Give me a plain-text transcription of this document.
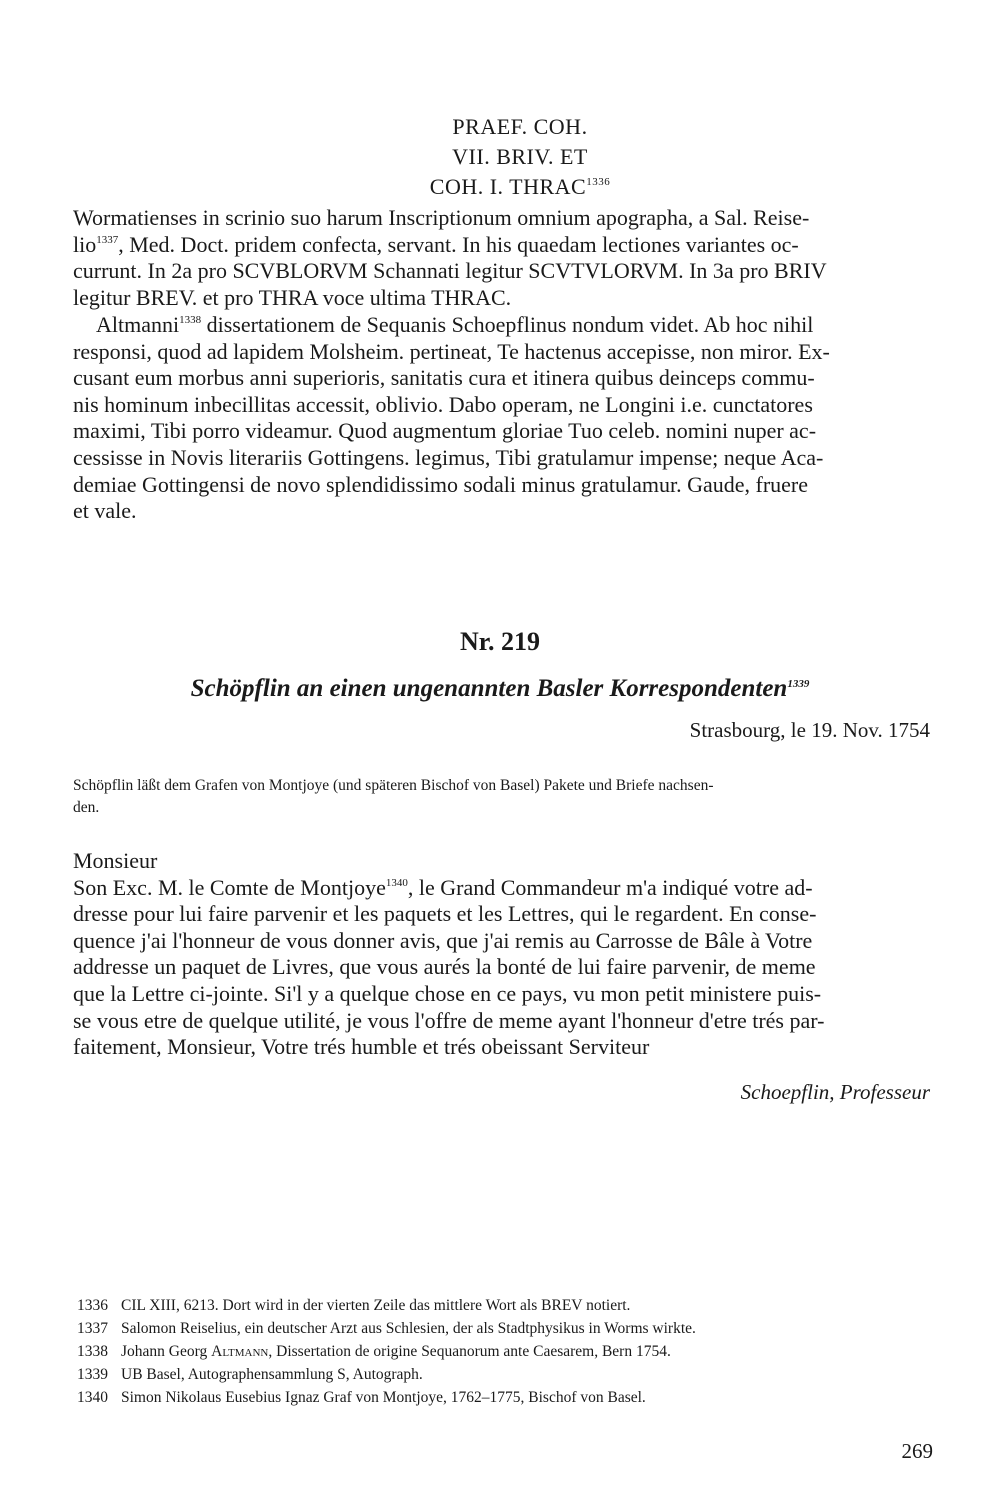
PRAEF. COH.
VII. BRIV. ET
COH. I. $THRAC^{1336}$

Wormatienses in scrinio suo harum Inscriptionum omnium apographa, a Sal. Reise-
lio$^{1337}$, Med. Doct. pridem confecta, servant. In his quaedam lectiones variantes oc-
currunt. In 2a pro SCVBLORVM Schannati legitur SCVTVLORVM. In 3a pro BRIV
legitur BREV. et pro THRA voce ultima THRAC.

Altmanni$^{1338}$ dissertationem de Sequanis Schoepflinus nondum videt. Ab hoc nihil
responsi, quod ad lapidem Molsheim. pertineat, Te hactenus accepisse, non miror. Ex-
cusant eum morbus anni superioris, sanitatis cura et itinera quibus deinceps commu-
nis hominum inbecillitas accessit, oblivio. Dabo operam, ne Longini i.e. cunctatores
maximi, Tibi porro videamur. Quod augmentum gloriae Tuo celeb. nomini nuper ac-
cessisse in Novis literariis Gottingens. legimus, Tibi gratulamur impense; neque Aca-
demiae Gottingensi de novo splendidissimo sodali minus gratulamur. Gaude, fruere
et vale.

Nr. 219
Schöpflin an einen ungenannten Basler Korrespondenten$^{1339}$

Strasbourg, le 19. Nov. 1754

Schöpflin läßt dem Grafen von Montjoye (und späteren Bischof von Basel) Pakete und Briefe nachsen-
den.

Monsieur
Son Exc. M. le Comte de Montjoye$^{1340}$, le Grand Commandeur m'a indiqué votre ad-
dresse pour lui faire parvenir et les paquets et les Lettres, qui le regardent. En conse-
quence j'ai l'honneur de vous donner avis, que j'ai remis au Carrosse de Bâle à Votre
addresse un paquet de Livres, que vous aurés la bonté de lui faire parvenir, de meme
que la Lettre ci-jointe. Si'l y a quelque chose en ce pays, vu mon petit ministere puis-
se vous etre de quelque utilité, je vous l'offre de meme ayant l'honneur d'etre trés par-
faitement, Monsieur, Votre trés humble et trés obeissant Serviteur

Schoepflin, Professeur

1336 CIL XIII, 6213. Dort wird in der vierten Zeile das mittlere Wort als BREV notiert.
1337 Salomon Reiselius, ein deutscher Arzt aus Schlesien, der als Stadtphysikus in Worms wirkte.
1338 Johann Georg Altmann, Dissertation de origine Sequanorum ante Caesarem, Bern 1754.
1339 UB Basel, Autographensammlung S, Autograph.
1340 Simon Nikolaus Eusebius Ignaz Graf von Montjoye, 1762–1775, Bischof von Basel.

269
